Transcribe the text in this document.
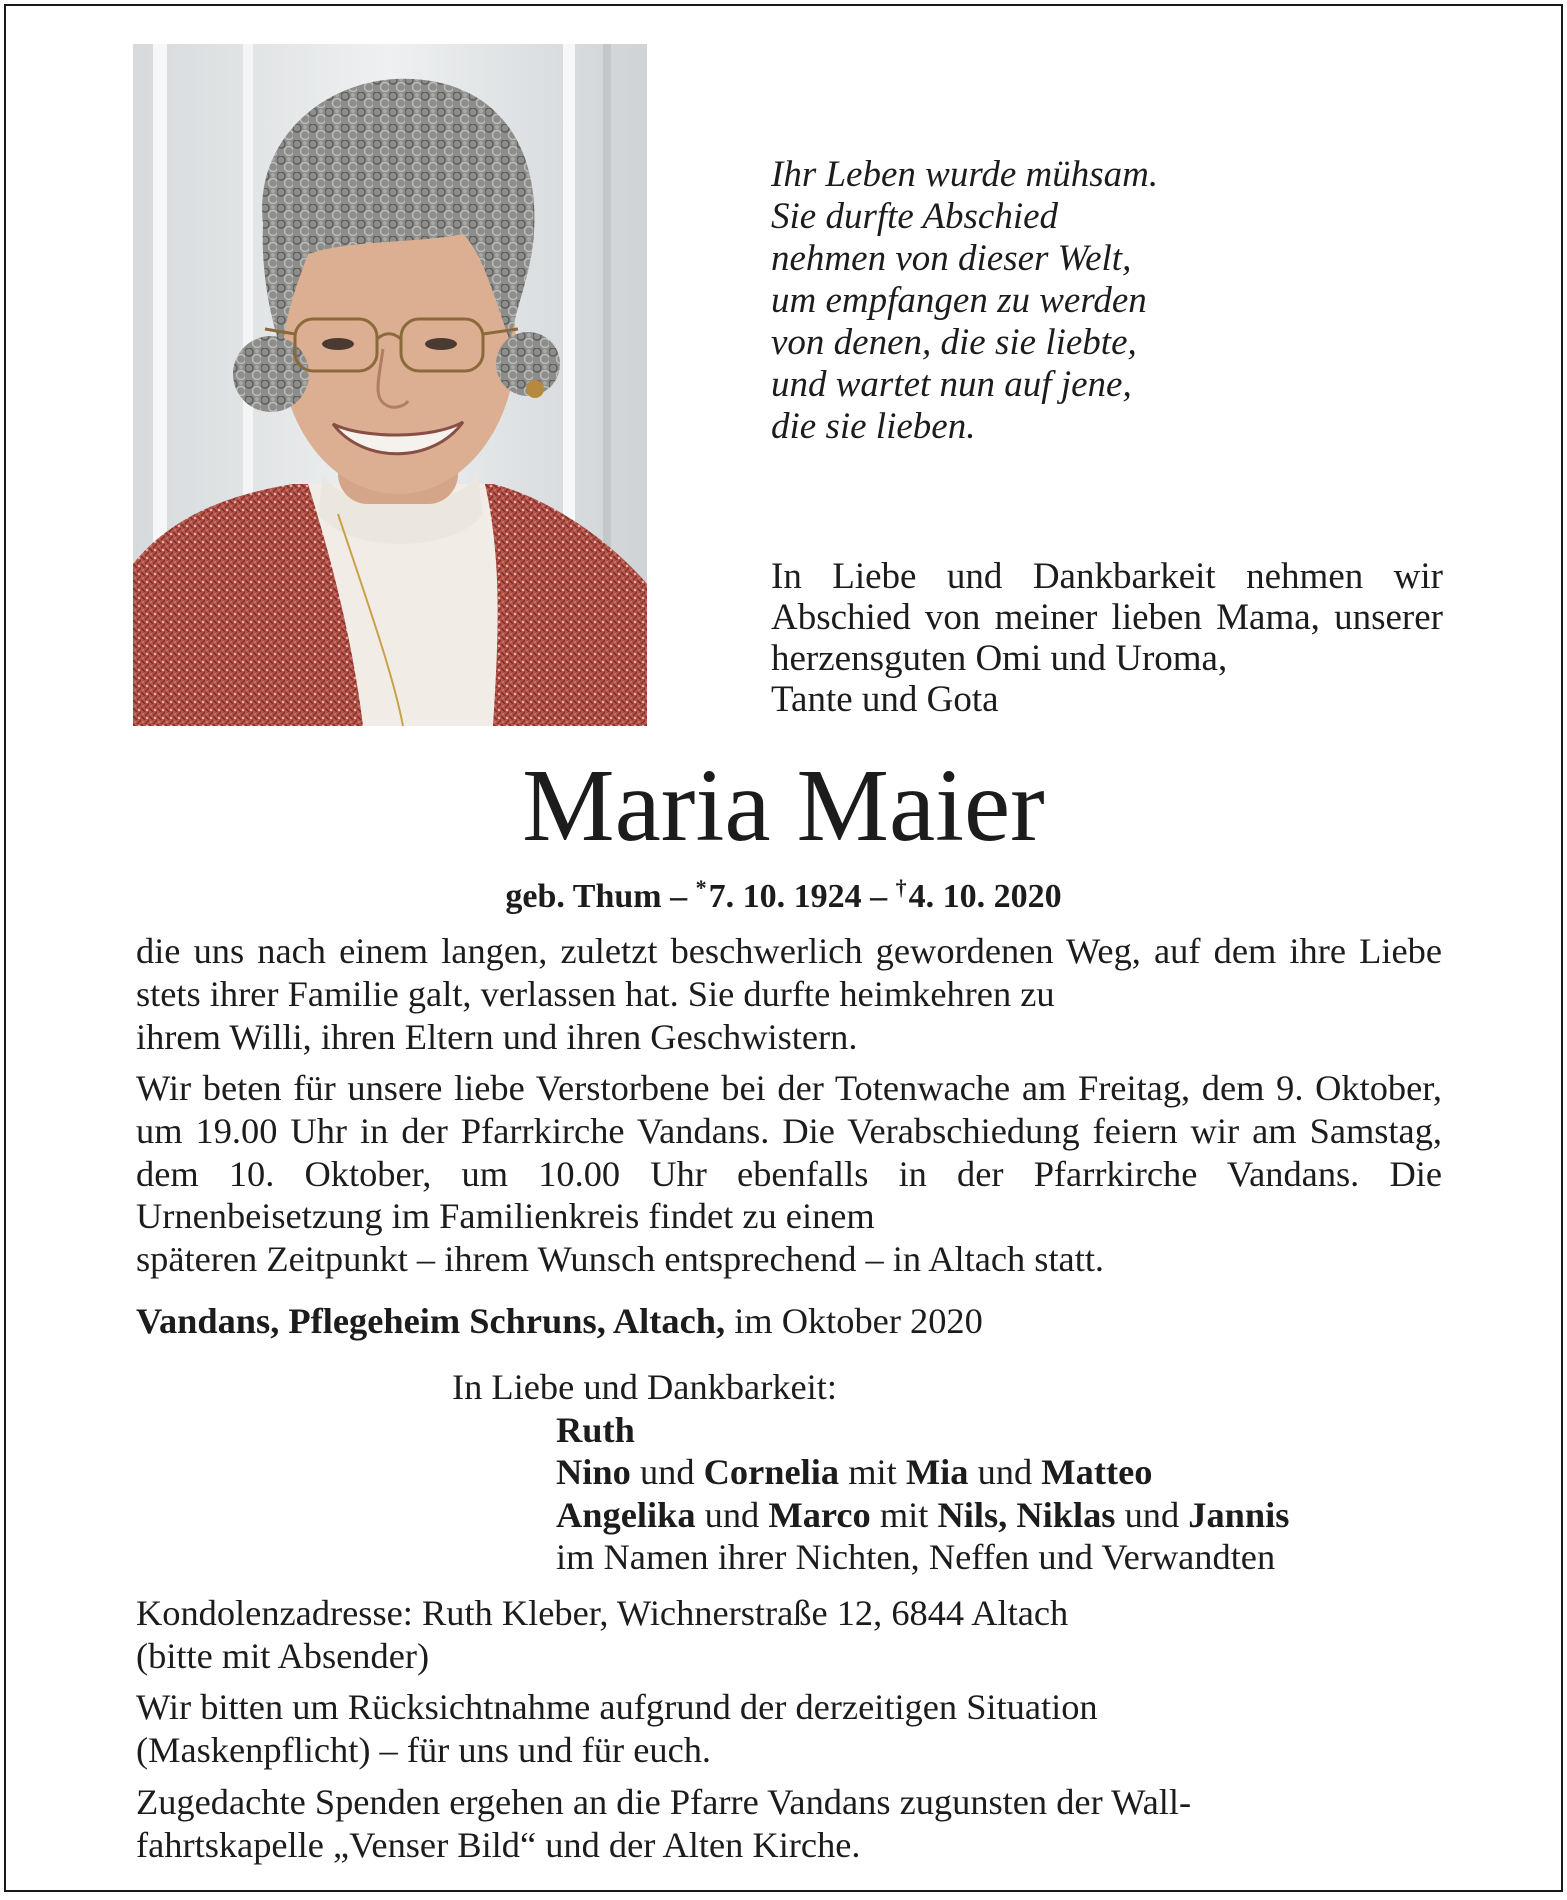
Ihr Leben wurde mühsam.
Sie durfte Abschied
nehmen von dieser Welt,
um empfangen zu werden
von denen, die sie liebte,
und wartet nun auf jene,
die sie lieben.

In Liebe und Dankbarkeit nehmen wir Abschied von meiner lieben Mama, unserer herzensguten Omi und Uroma,
Tante und Gota

Maria Maier

geb. Thum – *7. 10. 1924 – †4. 10. 2020

die uns nach einem langen, zuletzt beschwerlich gewordenen Weg, auf dem ihre Liebe stets ihrer Familie galt, verlassen hat. Sie durfte heimkehren zu
ihrem Willi, ihren Eltern und ihren Geschwistern.

Wir beten für unsere liebe Verstorbene bei der Totenwache am Freitag, dem 9. Oktober, um 19.00 Uhr in der Pfarrkirche Vandans. Die Verabschiedung feiern wir am Samstag, dem 10. Oktober, um 10.00 Uhr ebenfalls in der Pfarrkirche Vandans. Die Urnenbeisetzung im Familienkreis findet zu einem
späteren Zeitpunkt – ihrem Wunsch entsprechend – in Altach statt.

Vandans, Pflegeheim Schruns, Altach, im Oktober 2020

In Liebe und Dankbarkeit:
Ruth
Nino und Cornelia mit Mia und Matteo
Angelika und Marco mit Nils, Niklas und Jannis
im Namen ihrer Nichten, Neffen und Verwandten

Kondolenzadresse: Ruth Kleber, Wichnerstraße 12, 6844 Altach
(bitte mit Absender)

Wir bitten um Rücksichtnahme aufgrund der derzeitigen Situation
(Maskenpflicht) – für uns und für euch.

Zugedachte Spenden ergehen an die Pfarre Vandans zugunsten der Wall-
fahrtskapelle „Venser Bild“ und der Alten Kirche.
